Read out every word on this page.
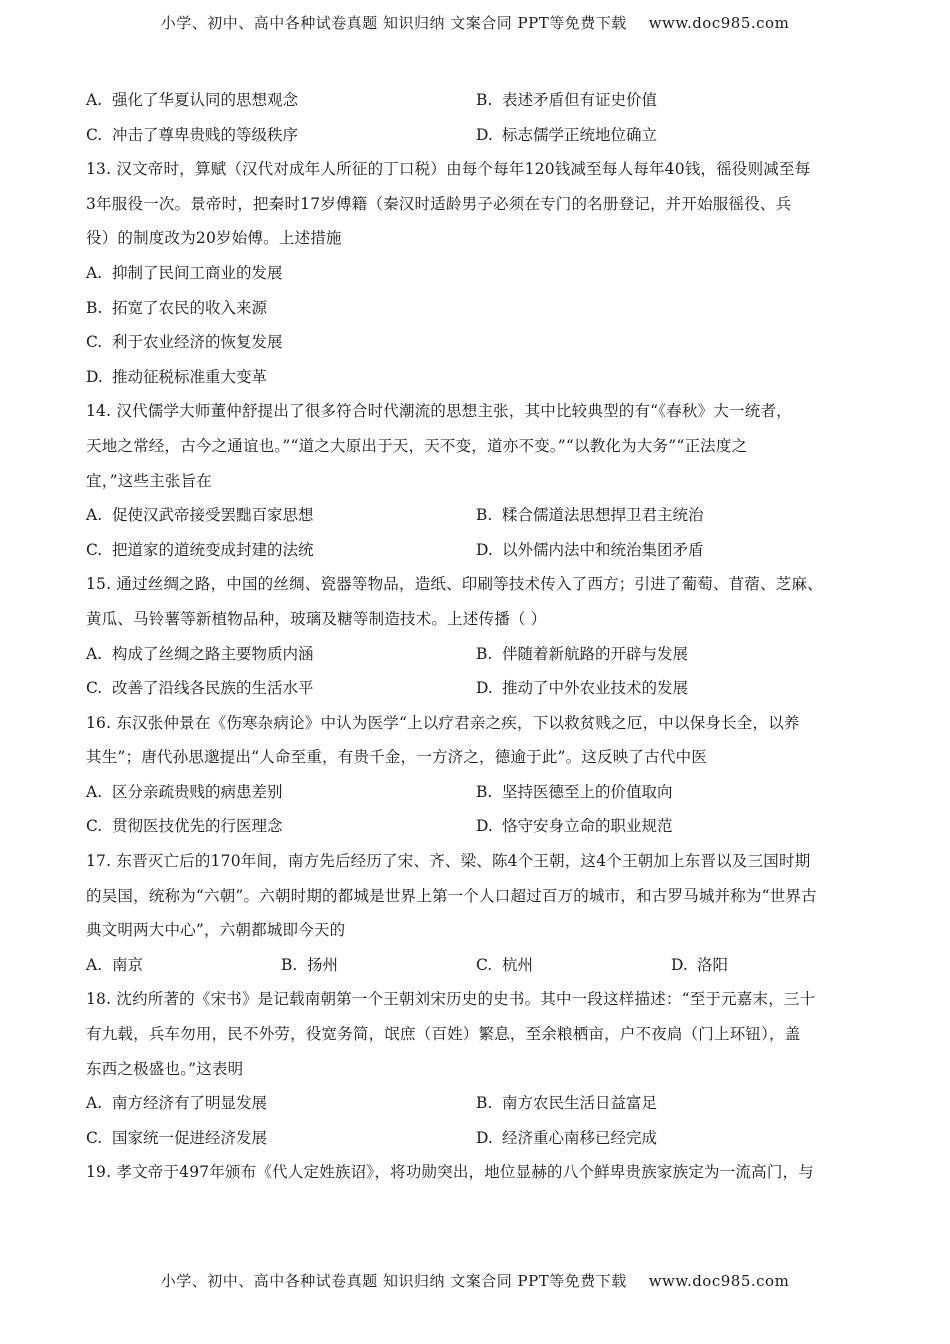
小学、初中、高中各种试卷真题 知识归纳 文案合同 PPT等免费下载 www.doc985.com
A. 强化了华夏认同的思想观念	B. 表述矛盾但有证史价值
C. 冲击了尊卑贵贱的等级秩序	D. 标志儒学正统地位确立
13. 汉文帝时，算赋（汉代对成年人所征的丁口税）由每个每年120钱减至每人每年40钱，徭役则减至每
3年服役一次。景帝时，把秦时17岁傅籍（秦汉时适龄男子必须在专门的名册登记，并开始服徭役、兵
役）的制度改为20岁始傅。上述措施
A. 抑制了民间工商业的发展
B. 拓宽了农民的收入来源
C. 利于农业经济的恢复发展
D. 推动征税标准重大变革
14. 汉代儒学大师董仲舒提出了很多符合时代潮流的思想主张，其中比较典型的有“《春秋》大一统者，
天地之常经，古今之通谊也。”“道之大原出于天，天不变，道亦不变。”“以教化为大务”“正法度之
宜，”这些主张旨在
A. 促使汉武帝接受罢黜百家思想	B. 糅合儒道法思想捍卫君主统治
C. 把道家的道统变成封建的法统	D. 以外儒内法中和统治集团矛盾
15. 通过丝绸之路，中国的丝绸、瓷器等物品，造纸、印刷等技术传入了西方；引进了葡萄、苜蓿、芝麻、
黄瓜、马铃薯等新植物品种，玻璃及糖等制造技术。上述传播（ ）
A. 构成了丝绸之路主要物质内涵	B. 伴随着新航路的开辟与发展
C. 改善了沿线各民族的生活水平	D. 推动了中外农业技术的发展
16. 东汉张仲景在《伤寒杂病论》中认为医学“上以疗君亲之疾，下以救贫贱之厄，中以保身长全，以养
其生”；唐代孙思邈提出“人命至重，有贵千金，一方济之，德逾于此”。这反映了古代中医
A. 区分亲疏贵贱的病患差别	B. 坚持医德至上的价值取向
C. 贯彻医技优先的行医理念	D. 恪守安身立命的职业规范
17. 东晋灭亡后的170年间，南方先后经历了宋、齐、梁、陈4个王朝，这4个王朝加上东晋以及三国时期
的吴国，统称为“六朝”。六朝时期的都城是世界上第一个人口超过百万的城市，和古罗马城并称为“世界古
典文明两大中心”，六朝都城即今天的
A. 南京	B. 扬州	C. 杭州	D. 洛阳
18. 沈约所著的《宋书》是记载南朝第一个王朝刘宋历史的史书。其中一段这样描述：“至于元嘉末，三十
有九载，兵车勿用，民不外劳，役宽务简，氓庶（百姓）繁息，至余粮栖亩，户不夜扃（门上环钮），盖
东西之极盛也。”这表明
A. 南方经济有了明显发展	B. 南方农民生活日益富足
C. 国家统一促进经济发展	D. 经济重心南移已经完成
19. 孝文帝于497年颁布《代人定姓族诏》，将功勋突出，地位显赫的八个鲜卑贵族家族定为一流高门，与
小学、初中、高中各种试卷真题 知识归纳 文案合同 PPT等免费下载 www.doc985.com
